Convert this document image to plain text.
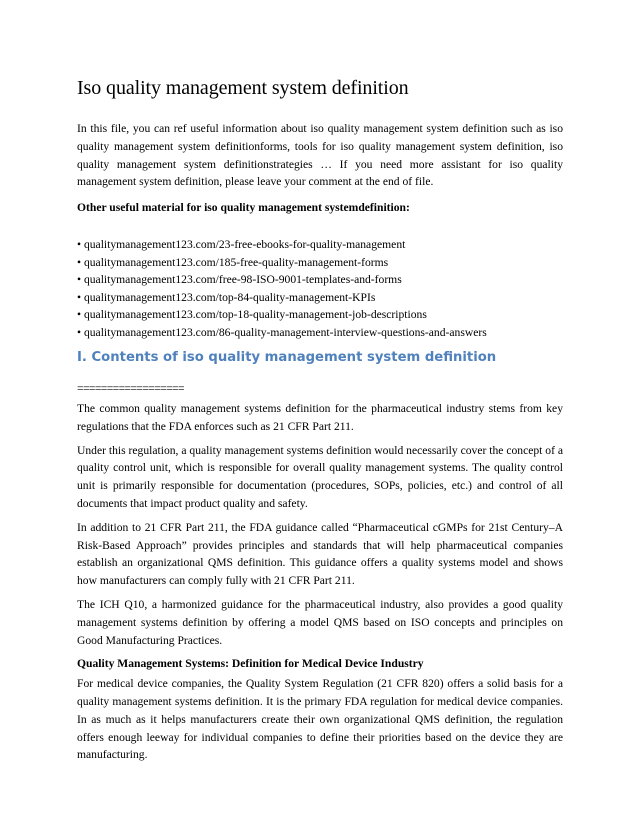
Iso quality management system definition

In this file, you can ref useful information about iso quality management system definition such as iso quality management system definitionforms, tools for iso quality management system definition, iso quality management system definitionstrategies … If you need more assistant for iso quality management system definition, please leave your comment at the end of file.

Other useful material for iso quality management systemdefinition:
• qualitymanagement123.com/23-free-ebooks-for-quality-management
• qualitymanagement123.com/185-free-quality-management-forms
• qualitymanagement123.com/free-98-ISO-9001-templates-and-forms
• qualitymanagement123.com/top-84-quality-management-KPIs
• qualitymanagement123.com/top-18-quality-management-job-descriptions
• qualitymanagement123.com/86-quality-management-interview-questions-and-answers
I. Contents of iso quality management system definition
==================

The common quality management systems definition for the pharmaceutical industry stems from key regulations that the FDA enforces such as 21 CFR Part 211.

Under this regulation, a quality management systems definition would necessarily cover the concept of a quality control unit, which is responsible for overall quality management systems. The quality control unit is primarily responsible for documentation (procedures, SOPs, policies, etc.) and control of all documents that impact product quality and safety.

In addition to 21 CFR Part 211, the FDA guidance called “Pharmaceutical cGMPs for 21st Century–A Risk-Based Approach” provides principles and standards that will help pharmaceutical companies establish an organizational QMS definition. This guidance offers a quality systems model and shows how manufacturers can comply fully with 21 CFR Part 211.

The ICH Q10, a harmonized guidance for the pharmaceutical industry, also provides a good quality management systems definition by offering a model QMS based on ISO concepts and principles on Good Manufacturing Practices.

Quality Management Systems: Definition for Medical Device Industry

For medical device companies, the Quality System Regulation (21 CFR 820) offers a solid basis for a quality management systems definition. It is the primary FDA regulation for medical device companies. In as much as it helps manufacturers create their own organizational QMS definition, the regulation offers enough leeway for individual companies to define their priorities based on the device they are manufacturing.
